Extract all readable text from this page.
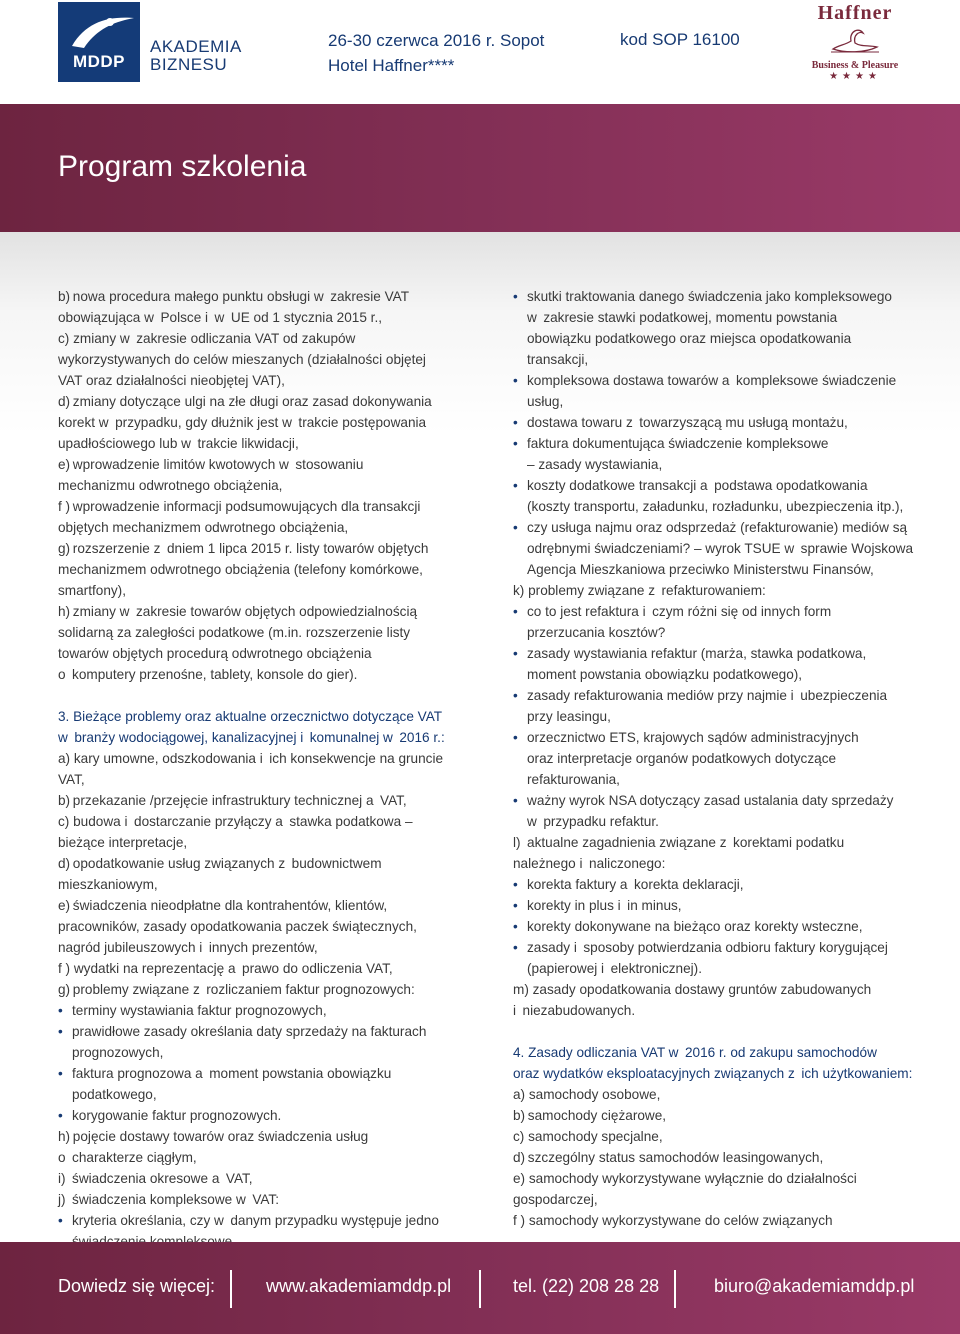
MDDP
AKADEMIA
BIZNESU
26-30 czerwca 2016 r. Sopot
Hotel Haffner****
kod SOP 16100
Haffner
Business & Pleasure
★★★★
Program szkolenia

b) nowa procedura małego punktu obsługi w  zakresie VAT

obowiązująca w  Polsce i  w  UE od 1 stycznia 2015 r.,

c) zmiany w  zakresie odliczania VAT od zakupów

wykorzystywanych do celów mieszanych (działalności objętej

VAT oraz działalności nieobjętej VAT),

d) zmiany dotyczące ulgi na złe długi oraz zasad dokonywania

korekt w  przypadku, gdy dłużnik jest w  trakcie postępowania

upadłościowego lub w  trakcie likwidacji,

e) wprowadzenie limitów kwotowych w  stosowaniu

mechanizmu odwrotnego obciążenia,

f ) wprowadzenie informacji podsumowujących dla transakcji

objętych mechanizmem odwrotnego obciążenia,

g) rozszerzenie z  dniem 1 lipca 2015 r. listy towarów objętych

mechanizmem odwrotnego obciążenia (telefony komórkowe,

smartfony),

h) zmiany w  zakresie towarów objętych odpowiedzialnością

solidarną za zaległości podatkowe (m.in. rozszerzenie listy

towarów objętych procedurą odwrotnego obciążenia

o  komputery przenośne, tablety, konsole do gier).

3. Bieżące problemy oraz aktualne orzecznictwo dotyczące VAT

w  branży wodociągowej, kanalizacyjnej i  komunalnej w  2016 r.:

a) kary umowne, odszkodowania i  ich konsekwencje na gruncie VAT,

b) przekazanie /przejęcie infrastruktury technicznej a  VAT,

c) budowa i  dostarczanie przyłączy a  stawka podatkowa –

bieżące interpretacje,

d) opodatkowanie usług związanych z  budownictwem

mieszkaniowym,

e) świadczenia nieodpłatne dla kontrahentów, klientów,

pracowników, zasady opodatkowania paczek świątecznych,

nagród jubileuszowych i  innych prezentów,

f ) wydatki na reprezentację a  prawo do odliczenia VAT,

g) problemy związane z  rozliczaniem faktur prognozowych:

• terminy wystawiania faktur prognozowych,

• prawidłowe zasady określania daty sprzedaży na fakturach

prognozowych,

• faktura prognozowa a  moment powstania obowiązku

podatkowego,

• korygowanie faktur prognozowych.

h) pojęcie dostawy towarów oraz świadczenia usług

o  charakterze ciągłym,

i)  świadczenia okresowe a  VAT,

j)  świadczenia kompleksowe w  VAT:

• kryteria określania, czy w  danym przypadku występuje jedno

• skutki traktowania danego świadczenia jako kompleksowego

w  zakresie stawki podatkowej, momentu powstania

obowiązku podatkowego oraz miejsca opodatkowania

transakcji,

• kompleksowa dostawa towarów a  kompleksowe świadczenie

usług,

• dostawa towaru z  towarzyszącą mu usługą montażu,

• faktura dokumentująca świadczenie kompleksowe

– zasady wystawiania,

• koszty dodatkowe transakcji a  podstawa opodatkowania

(koszty transportu, załadunku, rozładunku, ubezpieczenia itp.),

• czy usługa najmu oraz odsprzedaż (refakturowanie) mediów są

odrębnymi świadczeniami? – wyrok TSUE w  sprawie Wojskowa

Agencja Mieszkaniowa przeciwko Ministerstwu Finansów,

k) problemy związane z  refakturowaniem:

• co to jest refaktura i  czym różni się od innych form

przerzucania kosztów?

• zasady wystawiania refaktur (marża, stawka podatkowa,

moment powstania obowiązku podatkowego),

• zasady refakturowania mediów przy najmie i  ubezpieczenia

przy leasingu,

• orzecznictwo ETS, krajowych sądów administracyjnych

oraz interpretacje organów podatkowych dotyczące

refakturowania,

• ważny wyrok NSA dotyczący zasad ustalania daty sprzedaży

w  przypadku refaktur.

l)  aktualne zagadnienia związane z  korektami podatku

należnego i  naliczonego:

• korekta faktury a  korekta deklaracji,

• korekty in plus i  in minus,

• korekty dokonywane na bieżąco oraz korekty wsteczne,

• zasady i  sposoby potwierdzania odbioru faktury korygującej

(papierowej i  elektronicznej).

m) zasady opodatkowania dostawy gruntów zabudowanych

i  niezabudowanych.

4. Zasady odliczania VAT w  2016 r. od zakupu samochodów

oraz wydatków eksploatacyjnych związanych z  ich użytkowaniem:

a) samochody osobowe,

b) samochody ciężarowe,

c) samochody specjalne,

d) szczególny status samochodów leasingowanych,

e) samochody wykorzystywane wyłącznie do działalności

gospodarczej,

f ) samochody wykorzystywane do celów związanych

Dowiedz się więcej:	www.akademiamddp.pl	tel. (22) 208 28 28	biuro@akademiamddp.pl
